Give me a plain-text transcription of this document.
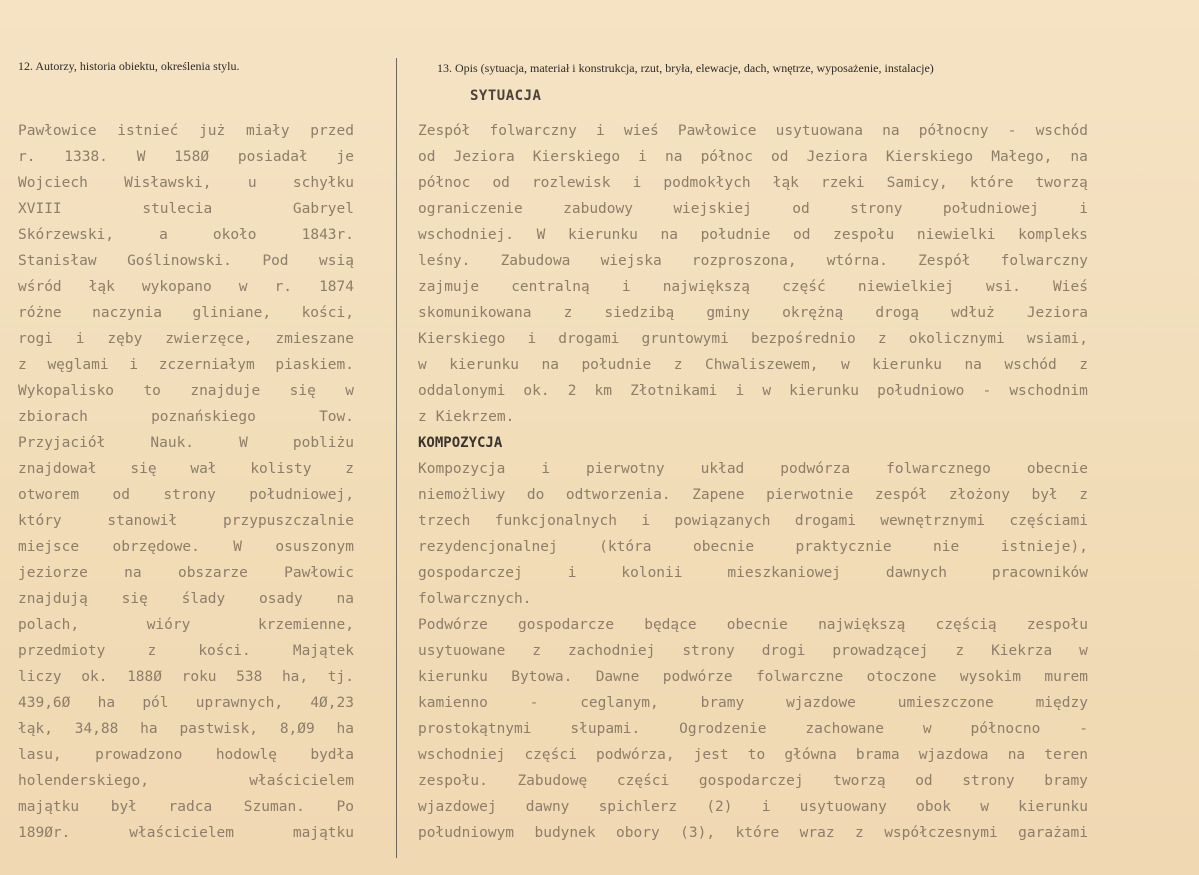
12. Autorzy, historia obiektu, określenia stylu.	13. Opis (sytuacja, materiał i konstrukcja, rzut, bryła, elewacje, dach, wnętrze, wyposażenie, instalacje)
Pawłowice istnieć już miały przed
r. 1338. W 158Ø posiadał je
Wojciech	Wisławski,	u	schyłku
XVIII	stulecia	Gabryel
Skórzewski,	a	około	1843r.
Stanisław Goślinowski. Pod wsią
wśród łąk wykopano w r. 1874
różne naczynia gliniane, kości,
rogi i zęby zwierzęce, zmieszane
z węglami i zczerniałym piaskiem.
Wykopalisko to znajduje się w
zbiorach	poznańskiego	Tow.
Przyjaciół	Nauk.	W	pobliżu
znajdował się wał kolisty z
otworem od strony południowej,
który	stanowił	przypuszczalnie
miejsce obrzędowe. W osuszonym
jeziorze	na	obszarze	Pawłowic
znajdują się ślady osady na
polach,	wióry	krzemienne,
przedmioty	z	kości.	Majątek
liczy ok. 188Ø roku 538 ha, tj.
439,6Ø ha pól uprawnych, 4Ø,23
łąk, 34,88 ha pastwisk, 8,Ø9 ha
lasu, prowadzono hodowlę bydła
holenderskiego,	właścicielem
majątku był radca Szuman. Po
189Ør.	właścicielem	majątku
SYTUACJA
Zespół folwarczny i wieś Pawłowice usytuowana na północny - wschód
od Jeziora Kierskiego i na północ od Jeziora Kierskiego Małego, na
północ od rozlewisk i podmokłych łąk rzeki Samicy, które tworzą
ograniczenie	zabudowy	wiejskiej	od	strony	południowej	i
wschodniej. W kierunku na południe od zespołu niewielki kompleks
leśny. Zabudowa wiejska rozproszona, wtórna. Zespół folwarczny
zajmuje centralną i największą część niewielkiej wsi. Wieś
skomunikowana z siedzibą gminy okrężną drogą wdłuż Jeziora
Kierskiego i drogami gruntowymi bezpośrednio z okolicznymi wsiami,
w kierunku na południe z Chwaliszewem, w kierunku na wschód z
oddalonymi ok. 2 km Złotnikami i w kierunku południowo - wschodnim
z Kiekrzem.
KOMPOZYCJA
Kompozycja i pierwotny układ podwórza folwarcznego obecnie
niemożliwy do odtworzenia. Zapene pierwotnie zespół złożony był z
trzech funkcjonalnych i powiązanych drogami wewnętrznymi częściami
rezydencjonalnej	(która	obecnie	praktycznie	nie	istnieje),
gospodarczej	i	kolonii	mieszkaniowej	dawnych	pracowników
folwarcznych.
Podwórze gospodarcze będące obecnie największą częścią zespołu
usytuowane z zachodniej strony drogi prowadzącej z Kiekrza w
kierunku Bytowa. Dawne podwórze folwarczne otoczone wysokim murem
kamienno	-	ceglanym,	bramy	wjazdowe	umieszczone	między
prostokątnymi	słupami.	Ogrodzenie	zachowane	w	północno	-
wschodniej części podwórza, jest to główna brama wjazdowa na teren
zespołu. Zabudowę części gospodarczej tworzą od strony bramy
wjazdowej dawny spichlerz (2) i usytuowany obok w kierunku
południowym budynek obory (3), które wraz z współczesnymi garażami
